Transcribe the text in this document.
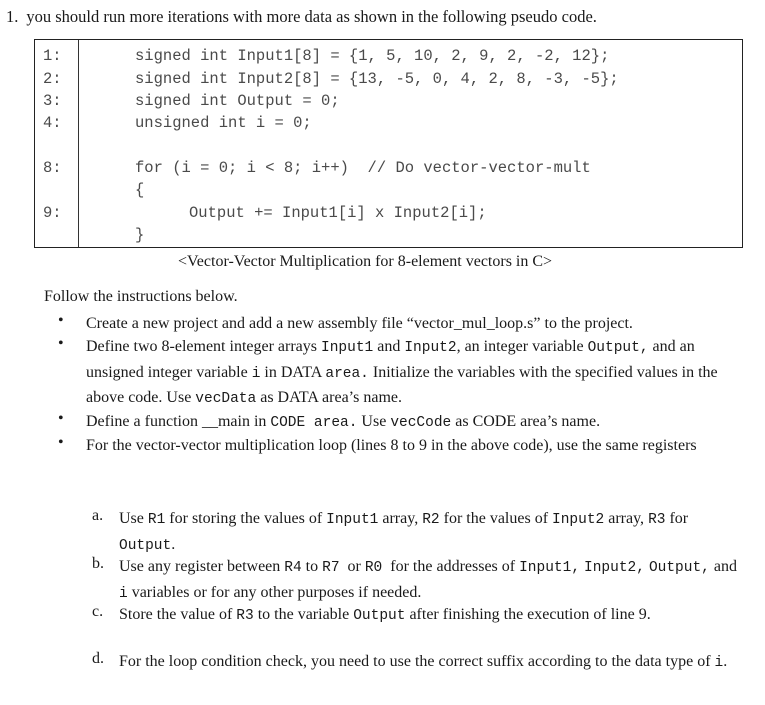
1. you should run more iterations with more data as shown in the following pseudo code.
1:
2:
3:
4:
8:
9:
signed int Input1[8] = {1, 5, 10, 2, 9, 2, -2, 12};
signed int Input2[8] = {13, -5, 0, 4, 2, 8, -3, -5};
signed int Output = 0;
unsigned int i = 0;
for (i = 0; i < 8; i++)  // Do vector-vector-mult
{
Output += Input1[i] x Input2[i];
}
<Vector-Vector Multiplication for 8-element vectors in C>
Follow the instructions below.
• Create a new project and add a new assembly file “vector_mul_loop.s” to the project.
• Define two 8-element integer arrays Input1 and Input2, an integer variable Output, and an unsigned integer variable i in DATA area. Initialize the variables with the specified values in the above code. Use vecData as DATA area’s name.
• Define a function __main in CODE area. Use vecCode as CODE area’s name.
• For the vector-vector multiplication loop (lines 8 to 9 in the above code), use the same registers
a. Use R1 for storing the values of Input1 array, R2 for the values of Input2 array, R3 for Output.
b. Use any register between R4 to R7  or R0  for the addresses of Input1, Input2, Output, and i variables or for any other purposes if needed.
c. Store the value of R3 to the variable Output after finishing the execution of line 9.
d. For the loop condition check, you need to use the correct suffix according to the data type of i.
